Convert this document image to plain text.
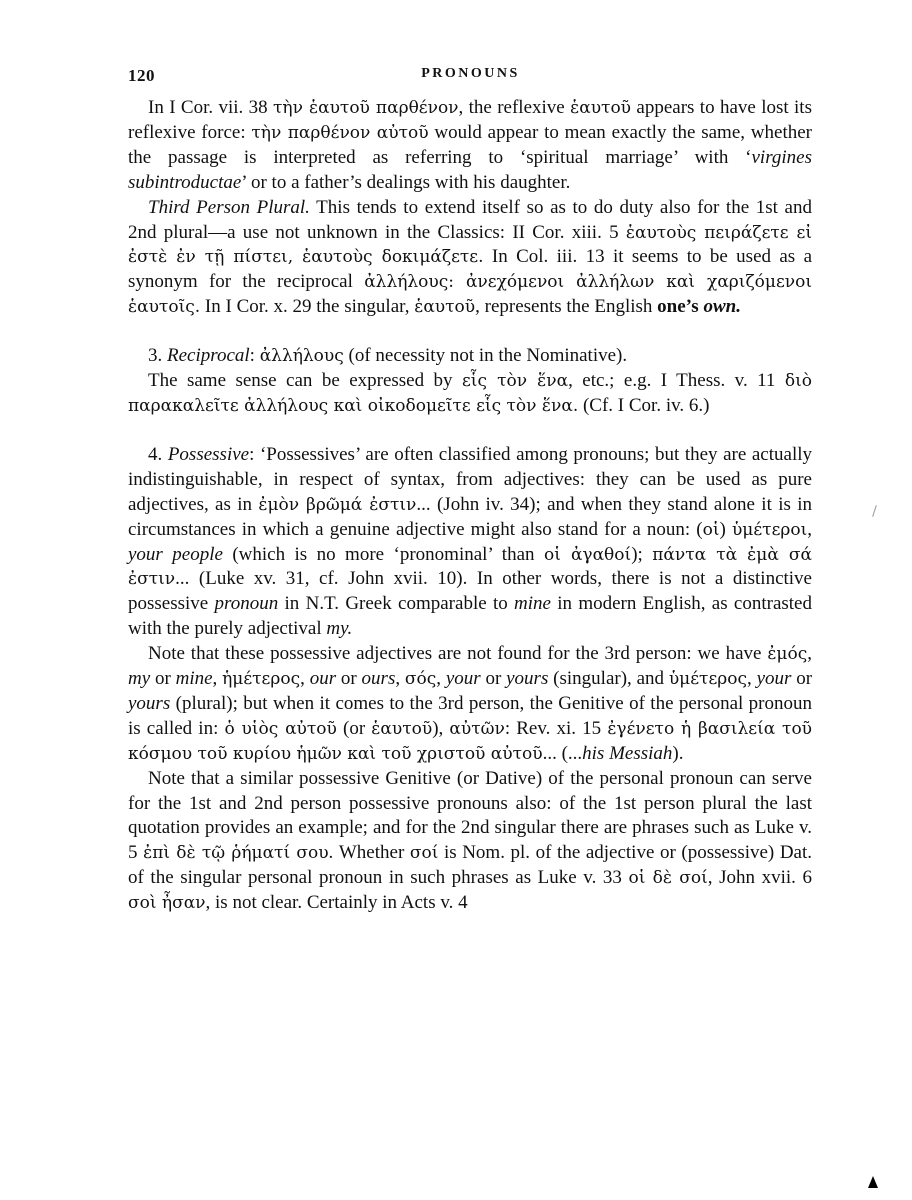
120	PRONOUNS

In I Cor. vii. 38 τὴν ἑαυτοῦ παρθένον, the reflexive ἑαυτοῦ appears to have lost its reflexive force: τὴν παρθένον αὐτοῦ would appear to mean exactly the same, whether the passage is interpreted as referring to ‘spiritual marriage’ with ‘virgines subintroductae’ or to a father’s dealings with his daughter.

Third Person Plural. This tends to extend itself so as to do duty also for the 1st and 2nd plural—a use not unknown in the Classics: II Cor. xiii. 5 ἑαυτοὺς πειράζετε εἰ ἐστὲ ἐν τῇ πίστει, ἑαυτοὺς δοκιμάζετε. In Col. iii. 13 it seems to be used as a synonym for the reciprocal ἀλλήλους: ἀνεχόμενοι ἀλλήλων καὶ χαριζόμενοι ἑαυτοῖς. In I Cor. x. 29 the singular, ἑαυτοῦ, represents the English one’s own.

3. Reciprocal: ἀλλήλους (of necessity not in the Nominative).

The same sense can be expressed by εἷς τὸν ἕνα, etc.; e.g. I Thess. v. 11 διὸ παρακαλεῖτε ἀλλήλους καὶ οἰκοδομεῖτε εἷς τὸν ἕνα. (Cf. I Cor. iv. 6.)

4. Possessive: ‘Possessives’ are often classified among pronouns; but they are actually indistinguishable, in respect of syntax, from adjectives: they can be used as pure adjectives, as in ἐμὸν βρῶμά ἐστιν... (John iv. 34); and when they stand alone it is in circumstances in which a genuine adjective might also stand for a noun: (οἱ) ὑμέτεροι, your people (which is no more ‘pronominal’ than οἱ ἀγαθοί); πάντα τὰ ἐμὰ σά ἐστιν... (Luke xv. 31, cf. John xvii. 10). In other words, there is not a distinctive possessive pronoun in N.T. Greek comparable to mine in modern English, as contrasted with the purely adjectival my.

Note that these possessive adjectives are not found for the 3rd person: we have ἐμός, my or mine, ἡμέτερος, our or ours, σός, your or yours (singular), and ὑμέτερος, your or yours (plural); but when it comes to the 3rd person, the Genitive of the personal pronoun is called in: ὁ υἱὸς αὐτοῦ (or ἑαυτοῦ), αὐτῶν: Rev. xi. 15 ἐγένετο ἡ βασιλεία τοῦ κόσμου τοῦ κυρίου ἡμῶν καὶ τοῦ χριστοῦ αὐτοῦ... (...his Messiah).

Note that a similar possessive Genitive (or Dative) of the personal pronoun can serve for the 1st and 2nd person possessive pronouns also: of the 1st person plural the last quotation provides an example; and for the 2nd singular there are phrases such as Luke v. 5 ἐπὶ δὲ τῷ ῥήματί σου. Whether σοί is Nom. pl. of the adjective or (possessive) Dat. of the singular personal pronoun in such phrases as Luke v. 33 οἱ δὲ σοί, John xvii. 6 σοὶ ἦσαν, is not clear. Certainly in Acts v. 4
